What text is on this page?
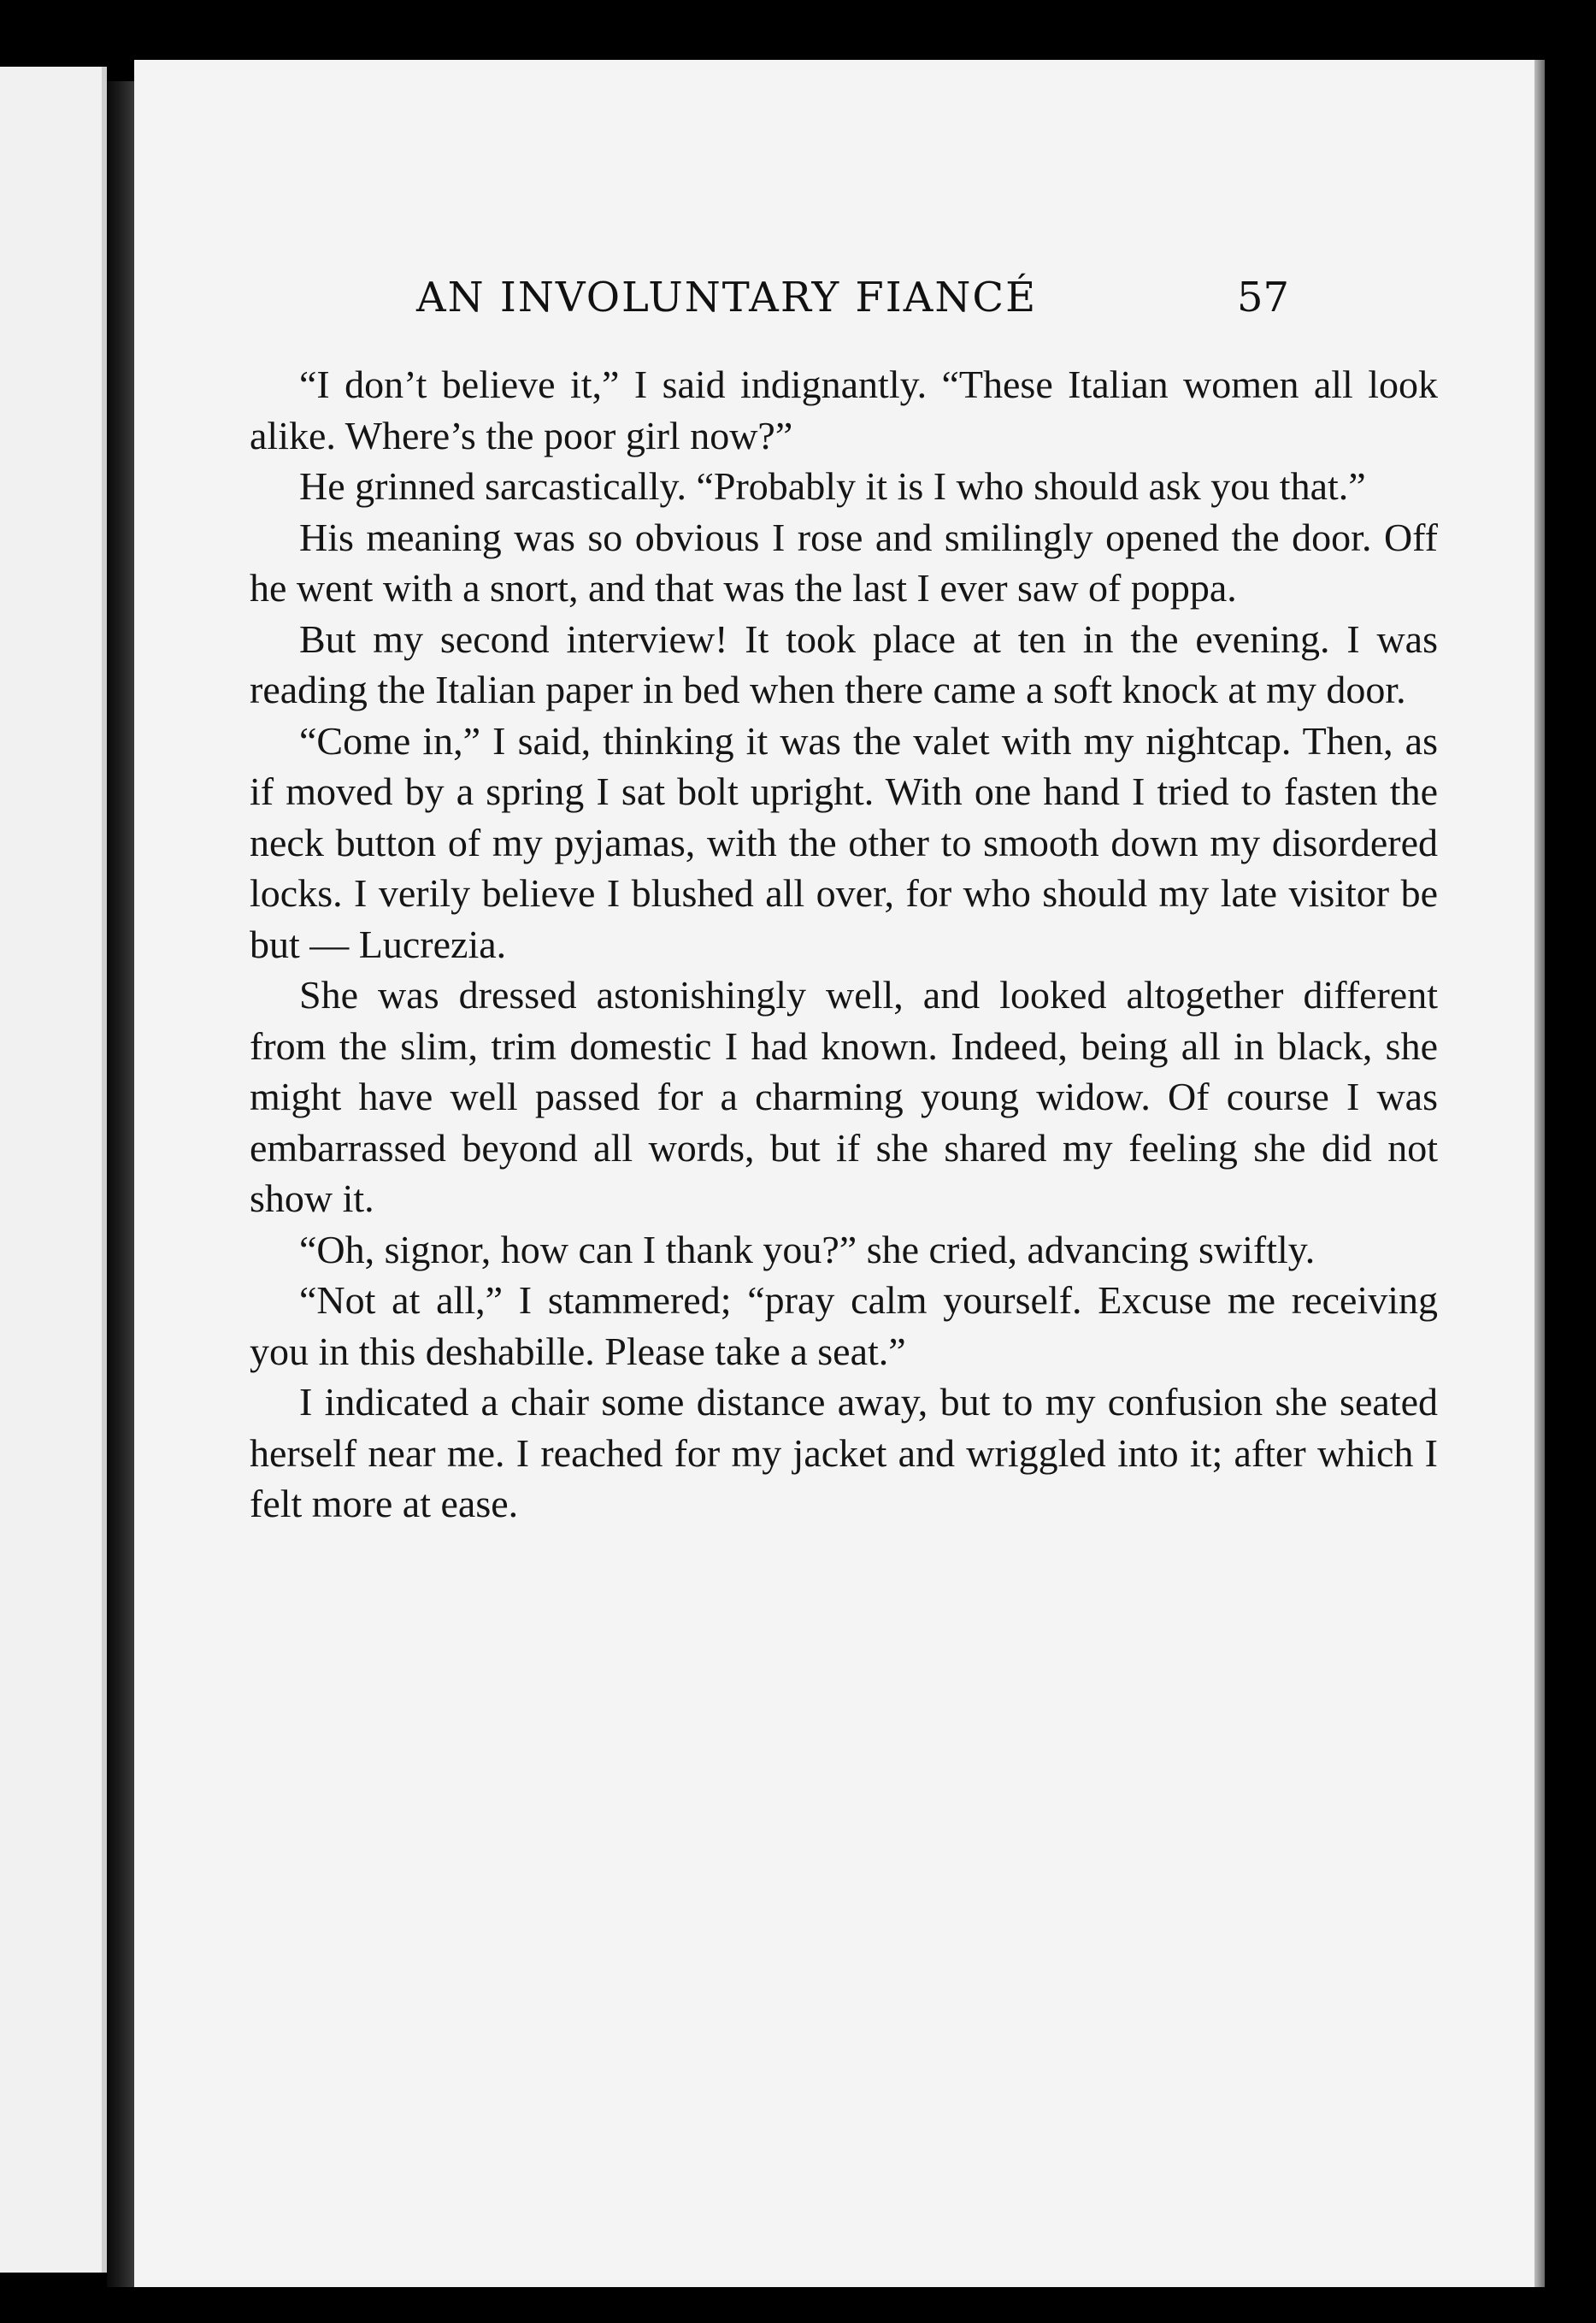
AN INVOLUNTARY FIANCÉ	57

“I don’t believe it,” I said indignantly. “These Italian women all look alike. Where’s the poor girl now?”

He grinned sarcastically. “Probably it is I who should ask you that.”

His meaning was so obvious I rose and smilingly opened the door. Off he went with a snort, and that was the last I ever saw of poppa.

But my second interview! It took place at ten in the evening. I was reading the Italian paper in bed when there came a soft knock at my door.

“Come in,” I said, thinking it was the valet with my nightcap. Then, as if moved by a spring I sat bolt upright. With one hand I tried to fasten the neck button of my pyjamas, with the other to smooth down my disordered locks. I verily believe I blushed all over, for who should my late visitor be but — Lucrezia.

She was dressed astonishingly well, and looked altogether different from the slim, trim domestic I had known. Indeed, being all in black, she might have well passed for a charming young widow. Of course I was embarrassed beyond all words, but if she shared my feeling she did not show it.

“Oh, signor, how can I thank you?” she cried, advancing swiftly.

“Not at all,” I stammered; “pray calm yourself. Excuse me receiving you in this deshabille. Please take a seat.”

I indicated a chair some distance away, but to my confusion she seated herself near me. I reached for my jacket and wriggled into it; after which I felt more at ease.
